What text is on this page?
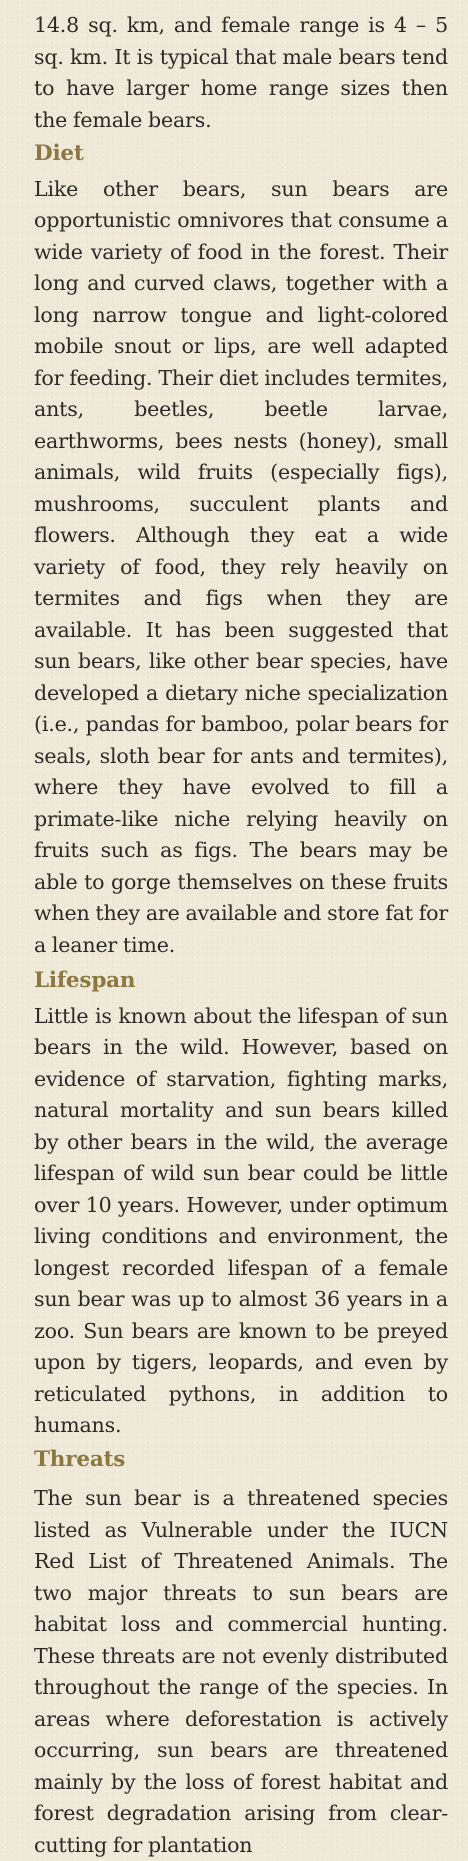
14.8 sq. km, and female range is 4 – 5 sq. km. It is typical that male bears tend to have larger home range sizes then the female bears.

Diet

Like other bears, sun bears are opportunistic omnivores that consume a wide variety of food in the forest. Their long and curved claws, together with a long narrow tongue and light-colored mobile snout or lips, are well adapted for feeding. Their diet includes termites, ants, beetles, beetle larvae, earthworms, bees nests (honey), small animals, wild fruits (especially figs), mushrooms, succulent plants and flowers. Although they eat a wide variety of food, they rely heavily on termites and figs when they are available. It has been suggested that sun bears, like other bear species, have developed a dietary niche specialization (i.e., pandas for bamboo, polar bears for seals, sloth bear for ants and termites), where they have evolved to fill a primate-like niche relying heavily on fruits such as figs. The bears may be able to gorge themselves on these fruits when they are available and store fat for a leaner time.

Lifespan

Little is known about the lifespan of sun bears in the wild. However, based on evidence of starvation, fighting marks, natural mortality and sun bears killed by other bears in the wild, the average lifespan of wild sun bear could be little over 10 years. However, under optimum living conditions and environment, the longest recorded lifespan of a female sun bear was up to almost 36 years in a zoo. Sun bears are known to be preyed upon by tigers, leopards, and even by reticulated pythons, in addition to humans.

Threats

The sun bear is a threatened species listed as Vulnerable under the IUCN Red List of Threatened Animals. The two major threats to sun bears are habitat loss and commercial hunting. These threats are not evenly distributed throughout the range of the species. In areas where deforestation is actively occurring, sun bears are threatened mainly by the loss of forest habitat and forest degradation arising from clear-cutting for plantation
